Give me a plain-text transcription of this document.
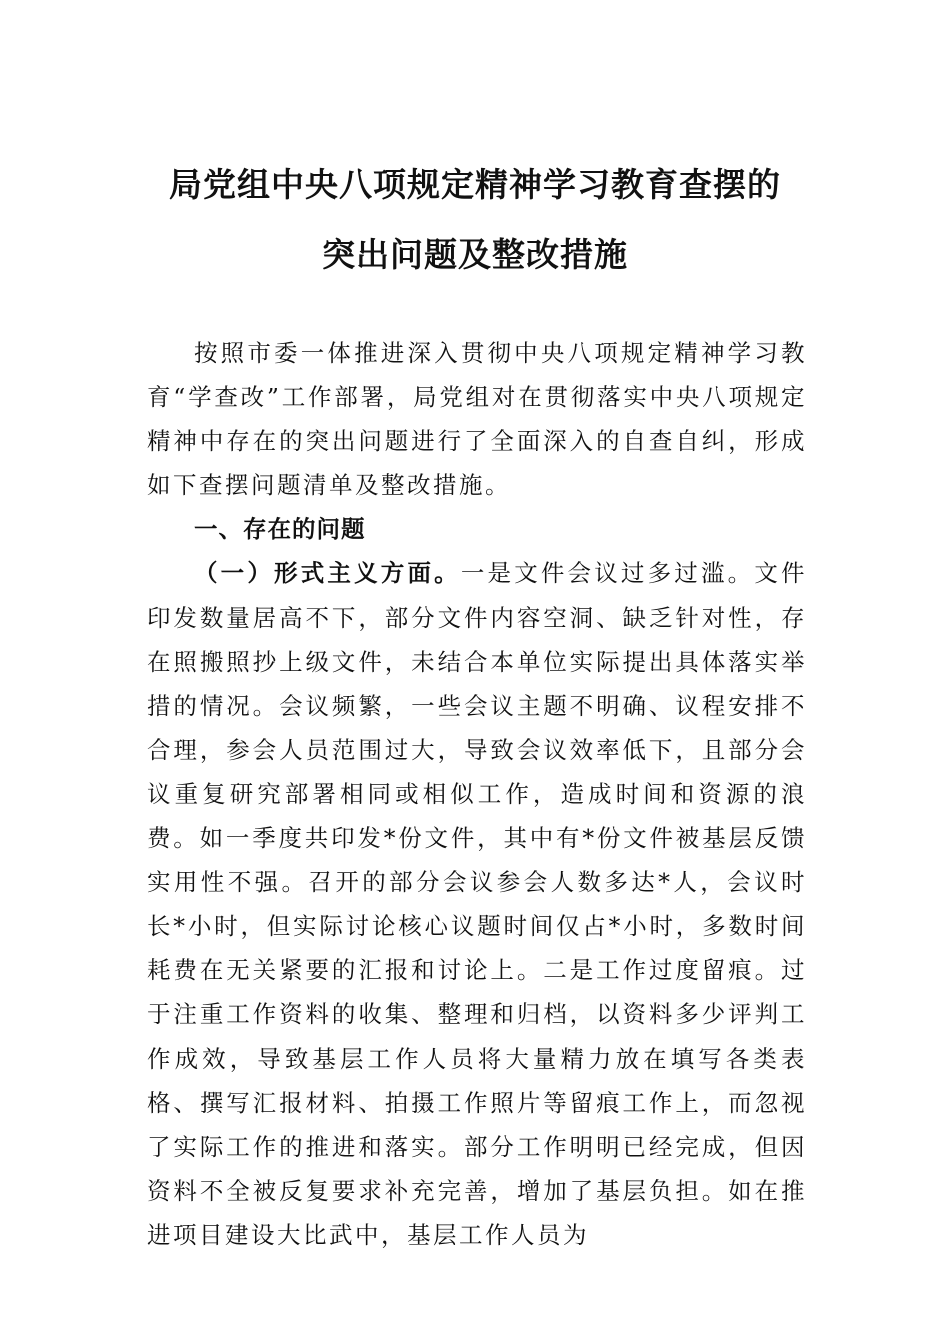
局党组中央八项规定精神学习教育查摆的
突出问题及整改措施

按照市委一体推进深入贯彻中央八项规定精神学习教育“学查改”工作部署，局党组对在贯彻落实中央八项规定精神中存在的突出问题进行了全面深入的自查自纠，形成如下查摆问题清单及整改措施。

一、存在的问题

（一）形式主义方面。一是文件会议过多过滥。文件印发数量居高不下，部分文件内容空洞、缺乏针对性，存在照搬照抄上级文件，未结合本单位实际提出具体落实举措的情况。会议频繁，一些会议主题不明确、议程安排不合理，参会人员范围过大，导致会议效率低下，且部分会议重复研究部署相同或相似工作，造成时间和资源的浪费。如一季度共印发*份文件，其中有*份文件被基层反馈实用性不强。召开的部分会议参会人数多达*人，会议时长*小时，但实际讨论核心议题时间仅占*小时，多数时间耗费在无关紧要的汇报和讨论上。二是工作过度留痕。过于注重工作资料的收集、整理和归档，以资料多少评判工作成效，导致基层工作人员将大量精力放在填写各类表格、撰写汇报材料、拍摄工作照片等留痕工作上，而忽视了实际工作的推进和落实。部分工作明明已经完成，但因资料不全被反复要求补充完善，增加了基层负担。如在推进项目建设大比武中，基层工作人员为
